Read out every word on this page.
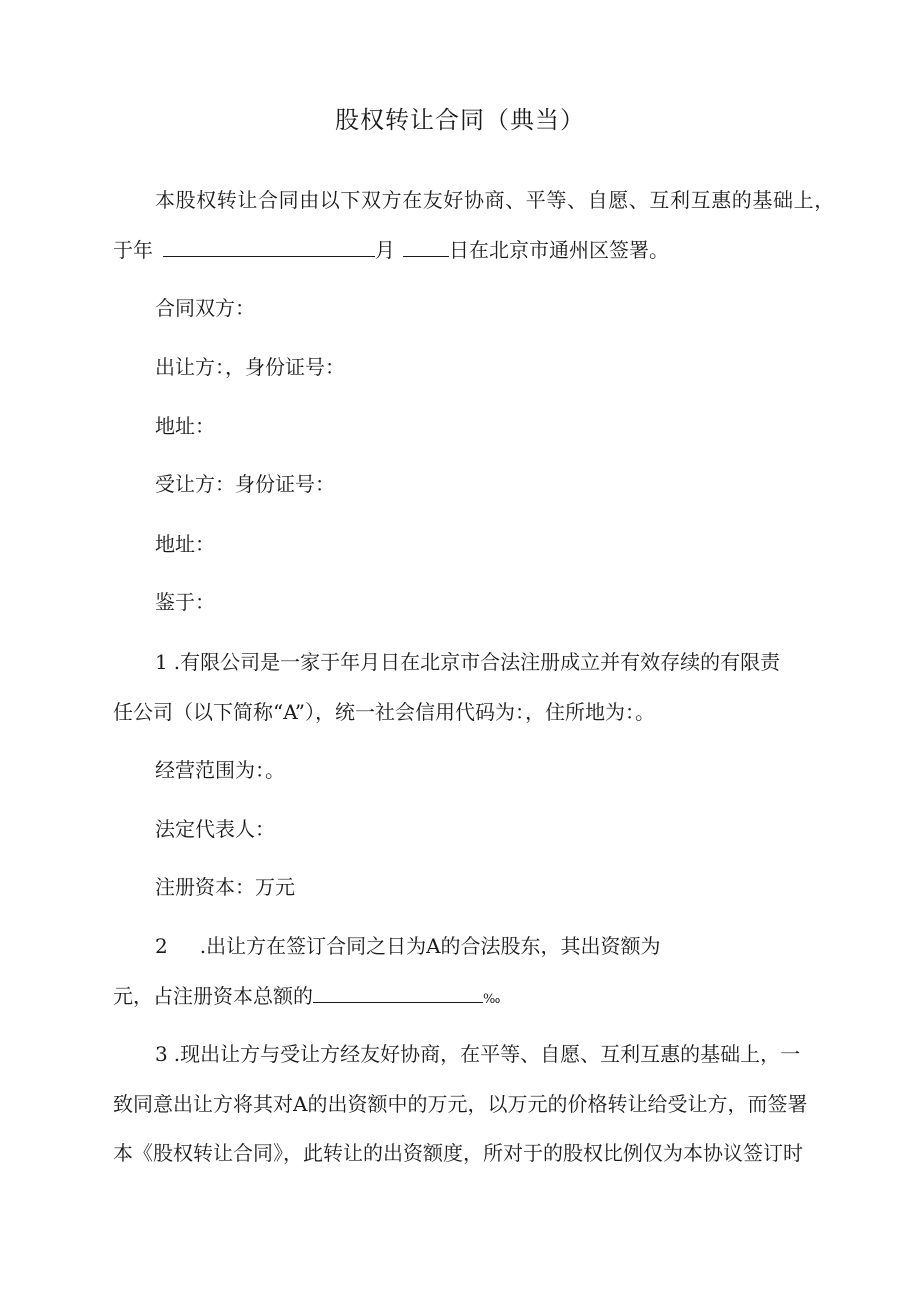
股权转让合同（典当）
本股权转让合同由以下双方在友好协商、平等、自愿、互利互惠的基础上，
于年	月	日在北京市通州区签署。
合同双方：
出让方：，身份证号：
地址：
受让方：身份证号：
地址：
鉴于：
1 .有限公司是一家于年月日在北京市合法注册成立并有效存续的有限责
任公司（以下简称“A”），统一社会信用代码为：，住所地为：。
经营范围为：。
法定代表人：
注册资本：万元
2 .出让方在签订合同之日为A的合法股东，其出资额为
元，占注册资本总额的	‰
3 .现出让方与受让方经友好协商，在平等、自愿、互利互惠的基础上，一
致同意出让方将其对A的出资额中的万元，以万元的价格转让给受让方，而签署
本《股权转让合同》，此转让的出资额度，所对于的股权比例仅为本协议签订时
